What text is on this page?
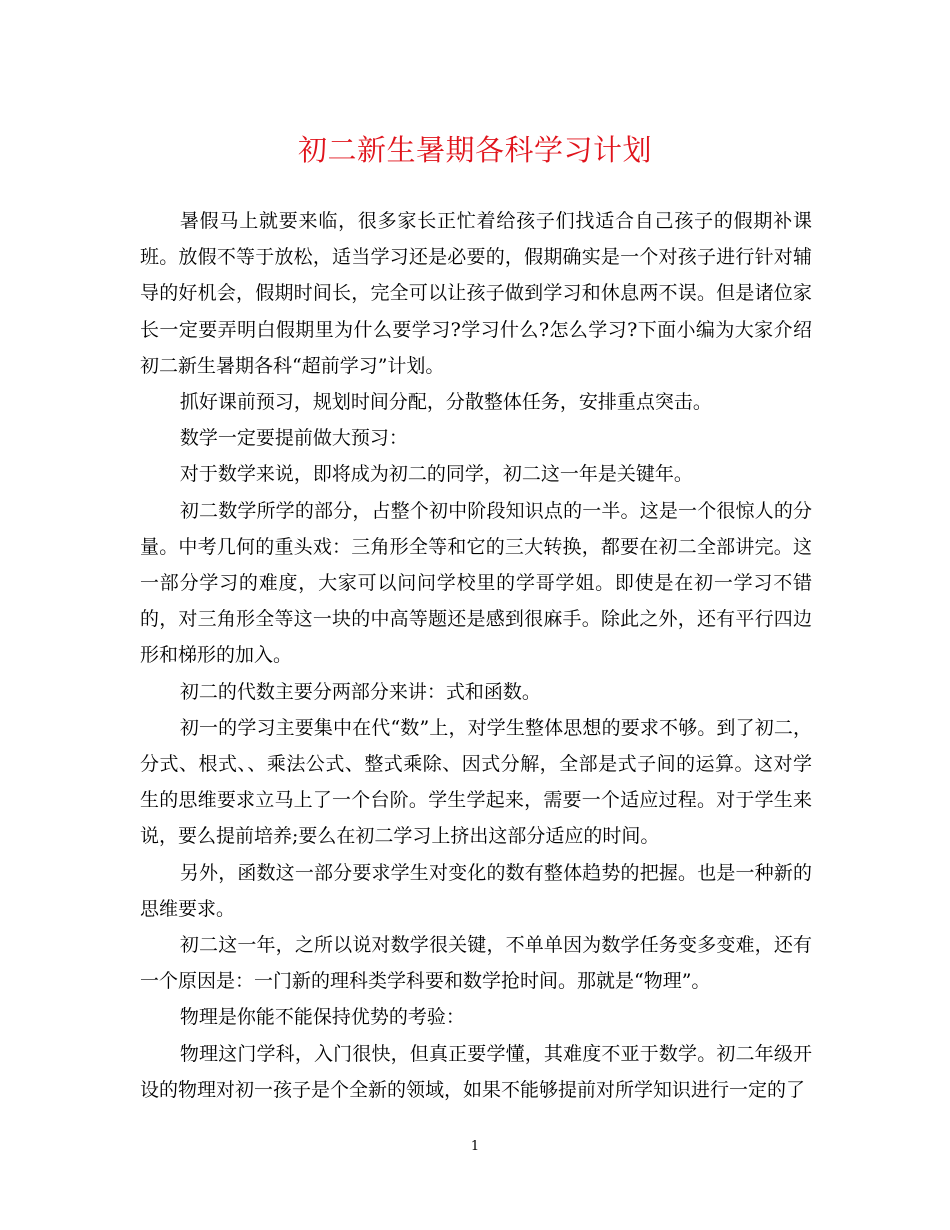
初二新生暑期各科学习计划

暑假马上就要来临，很多家长正忙着给孩子们找适合自己孩子的假期补课班。放假不等于放松，适当学习还是必要的，假期确实是一个对孩子进行针对辅导的好机会，假期时间长，完全可以让孩子做到学习和休息两不误。但是诸位家长一定要弄明白假期里为什么要学习?学习什么?怎么学习?下面小编为大家介绍初二新生暑期各科“超前学习”计划。

抓好课前预习，规划时间分配，分散整体任务，安排重点突击。

数学一定要提前做大预习：

对于数学来说，即将成为初二的同学，初二这一年是关键年。

初二数学所学的部分，占整个初中阶段知识点的一半。这是一个很惊人的分量。中考几何的重头戏：三角形全等和它的三大转换，都要在初二全部讲完。这一部分学习的难度，大家可以问问学校里的学哥学姐。即使是在初一学习不错的，对三角形全等这一块的中高等题还是感到很麻手。除此之外，还有平行四边形和梯形的加入。

初二的代数主要分两部分来讲：式和函数。

初一的学习主要集中在代“数”上，对学生整体思想的要求不够。到了初二，分式、根式、、乘法公式、整式乘除、因式分解，全部是式子间的运算。这对学生的思维要求立马上了一个台阶。学生学起来，需要一个适应过程。对于学生来说，要么提前培养;要么在初二学习上挤出这部分适应的时间。

另外，函数这一部分要求学生对变化的数有整体趋势的把握。也是一种新的思维要求。

初二这一年，之所以说对数学很关键，不单单因为数学任务变多变难，还有一个原因是：一门新的理科类学科要和数学抢时间。那就是“物理”。

物理是你能不能保持优势的考验：

物理这门学科，入门很快，但真正要学懂，其难度不亚于数学。初二年级开设的物理对初一孩子是个全新的领域，如果不能够提前对所学知识进行一定的了

1
